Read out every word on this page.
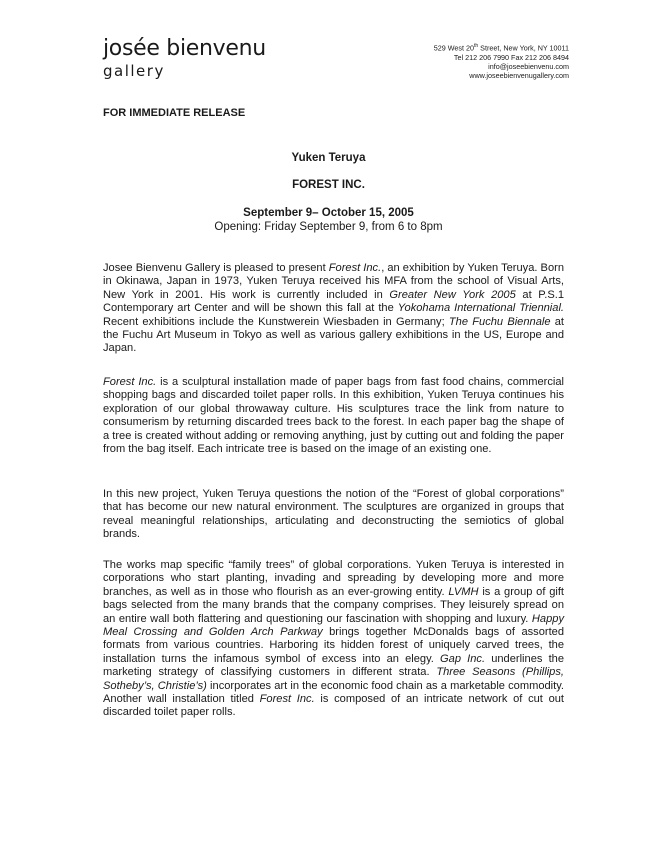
josée bienvenu
gallery
529 West 20th Street, New York, NY 10011
Tel 212 206 7990 Fax 212 206 8494
info@joseebienvenu.com
www.joseebienvenugallery.com
FOR IMMEDIATE RELEASE
Yuken Teruya
FOREST INC.
September 9– October 15, 2005
Opening: Friday September 9, from 6 to 8pm

Josee Bienvenu Gallery is pleased to present Forest Inc., an exhibition by Yuken Teruya. Born in Okinawa, Japan in 1973, Yuken Teruya received his MFA from the school of Visual Arts, New York in 2001. His work is currently included in Greater New York 2005 at P.S.1 Contemporary art Center and will be shown this fall at the Yokohama International Triennial. Recent exhibitions include the Kunstwerein Wiesbaden in Germany; The Fuchu Biennale at the Fuchu Art Museum in Tokyo as well as various gallery exhibitions in the US, Europe and Japan.

Forest Inc. is a sculptural installation made of paper bags from fast food chains, commercial shopping bags and discarded toilet paper rolls. In this exhibition, Yuken Teruya continues his exploration of our global throwaway culture. His sculptures trace the link from nature to consumerism by returning discarded trees back to the forest. In each paper bag the shape of a tree is created without adding or removing anything, just by cutting out and folding the paper from the bag itself. Each intricate tree is based on the image of an existing one.

In this new project, Yuken Teruya questions the notion of the “Forest of global corporations” that has become our new natural environment. The sculptures are organized in groups that reveal meaningful relationships, articulating and deconstructing the semiotics of global brands.

The works map specific “family trees” of global corporations. Yuken Teruya is interested in corporations who start planting, invading and spreading by developing more and more branches, as well as in those who flourish as an ever-growing entity. LVMH is a group of gift bags selected from the many brands that the company comprises. They leisurely spread on an entire wall both flattering and questioning our fascination with shopping and luxury. Happy Meal Crossing and Golden Arch Parkway brings together McDonalds bags of assorted formats from various countries. Harboring its hidden forest of uniquely carved trees, the installation turns the infamous symbol of excess into an elegy. Gap Inc. underlines the marketing strategy of classifying customers in different strata. Three Seasons (Phillips, Sotheby’s, Christie’s) incorporates art in the economic food chain as a marketable commodity. Another wall installation titled Forest Inc. is composed of an intricate network of cut out discarded toilet paper rolls.
